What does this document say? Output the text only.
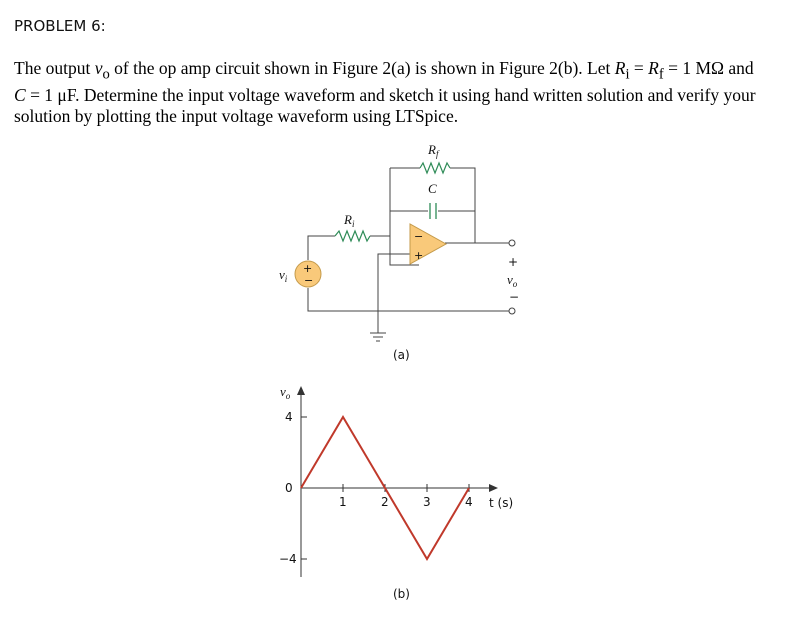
PROBLEM 6:
The output $v_o$ of the op amp circuit shown in Figure 2(a) is shown in Figure 2(b). Let $R_i = R_f = 1$ MΩ and
C = 1 μF. Determine the input voltage waveform and sketch it using hand written solution and verify your solution by plotting the input voltage waveform using LTSpice.
−
+
+
−
$R_f$
C
$R_i$
$v_i$
+
$v_o$
−
(a)
$v_o$
t (s)
1	2	3	4
4
0
−4
(b)
